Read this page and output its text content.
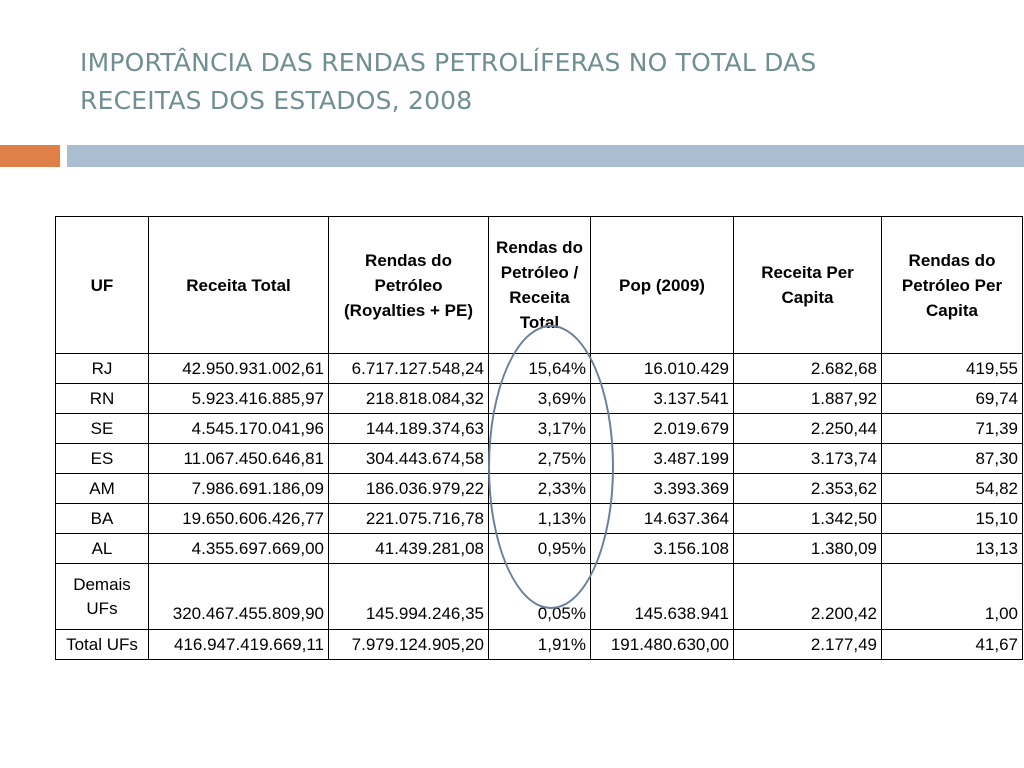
IMPORTÂNCIA DAS RENDAS PETROLÍFERAS NO TOTAL DAS
RECEITAS DOS ESTADOS, 2008
UF	Receita Total	Rendas do Petróleo (Royalties + PE)	Rendas do Petróleo / Receita Total	Pop (2009)	Receita Per Capita	Rendas do Petróleo Per Capita
RJ	42.950.931.002,61	6.717.127.548,24	15,64%	16.010.429	2.682,68	419,55
RN	5.923.416.885,97	218.818.084,32	3,69%	3.137.541	1.887,92	69,74
SE	4.545.170.041,96	144.189.374,63	3,17%	2.019.679	2.250,44	71,39
ES	11.067.450.646,81	304.443.674,58	2,75%	3.487.199	3.173,74	87,30
AM	7.986.691.186,09	186.036.979,22	2,33%	3.393.369	2.353,62	54,82
BA	19.650.606.426,77	221.075.716,78	1,13%	14.637.364	1.342,50	15,10
AL	4.355.697.669,00	41.439.281,08	0,95%	3.156.108	1.380,09	13,13
Demais UFs	320.467.455.809,90	145.994.246,35	0,05%	145.638.941	2.200,42	1,00
Total UFs	416.947.419.669,11	7.979.124.905,20	1,91%	191.480.630,00	2.177,49	41,67
